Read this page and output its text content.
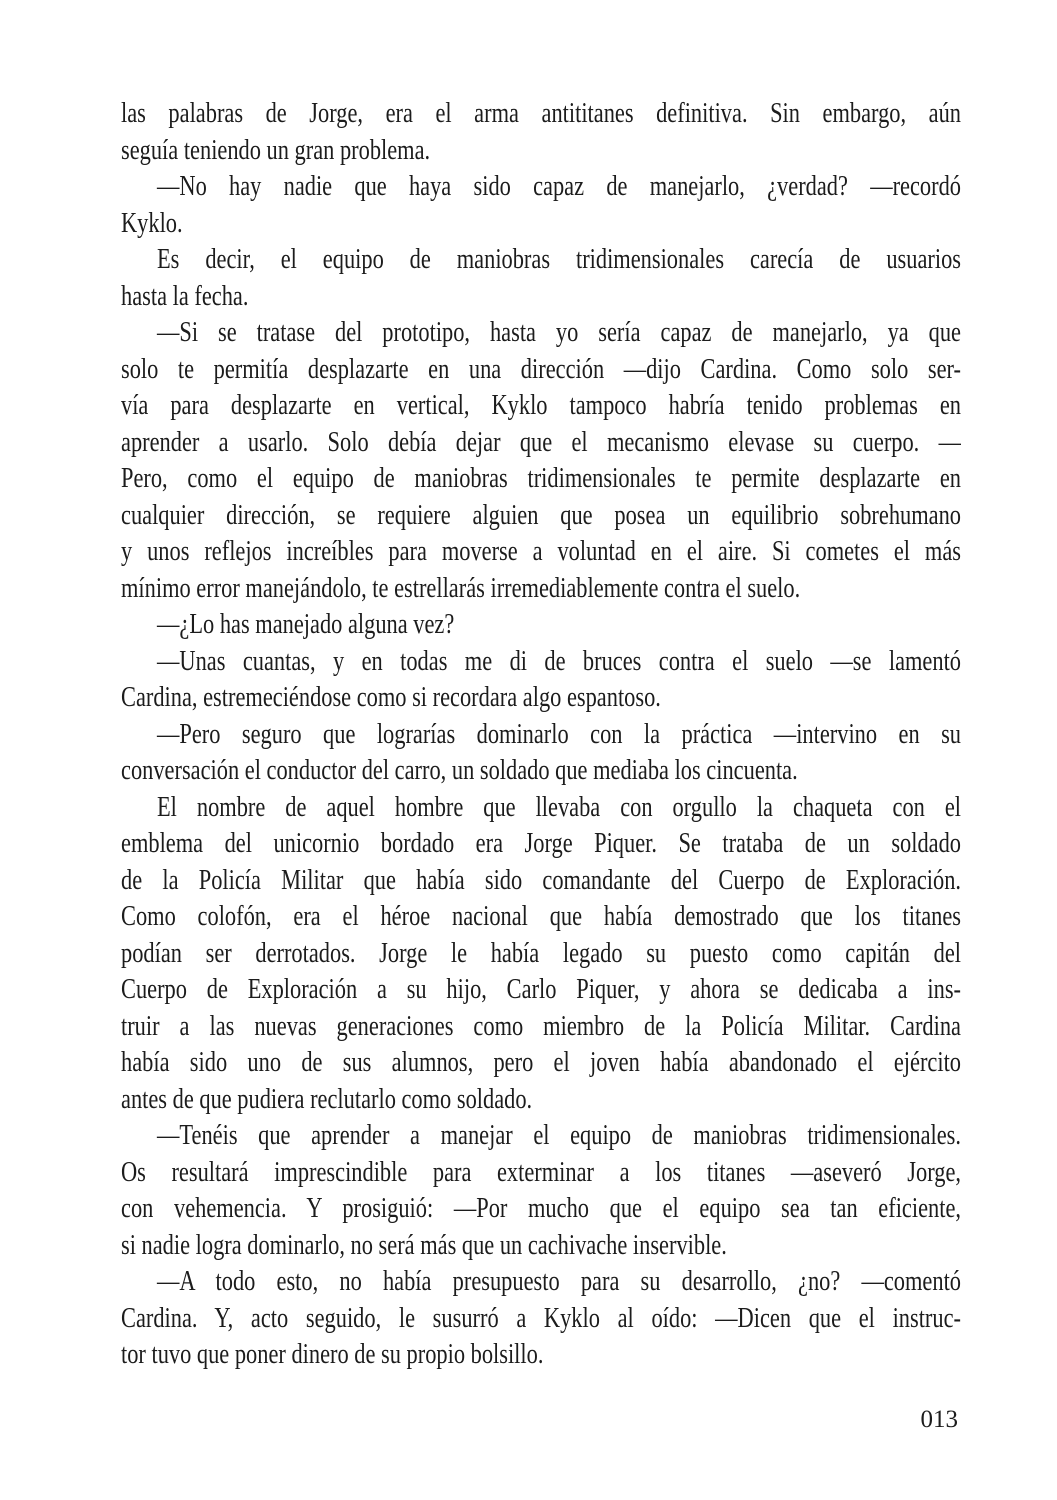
las palabras de Jorge, era el arma antititanes definitiva. Sin embargo, aún
seguía teniendo un gran problema.
—No hay nadie que haya sido capaz de manejarlo, ¿verdad? —recordó
Kyklo.
Es decir, el equipo de maniobras tridimensionales carecía de usuarios
hasta la fecha.
—Si se tratase del prototipo, hasta yo sería capaz de manejarlo, ya que
solo te permitía desplazarte en una dirección —dijo Cardina. Como solo ser-
vía para desplazarte en vertical, Kyklo tampoco habría tenido problemas en
aprender a usarlo. Solo debía dejar que el mecanismo elevase su cuerpo. —
Pero, como el equipo de maniobras tridimensionales te permite desplazarte en
cualquier dirección, se requiere alguien que posea un equilibrio sobrehumano
y unos reflejos increíbles para moverse a voluntad en el aire. Si cometes el más
mínimo error manejándolo, te estrellarás irremediablemente contra el suelo.
—¿Lo has manejado alguna vez?
—Unas cuantas, y en todas me di de bruces contra el suelo —se lamentó
Cardina, estremeciéndose como si recordara algo espantoso.
—Pero seguro que lograrías dominarlo con la práctica —intervino en su
conversación el conductor del carro, un soldado que mediaba los cincuenta.
El nombre de aquel hombre que llevaba con orgullo la chaqueta con el
emblema del unicornio bordado era Jorge Piquer. Se trataba de un soldado
de la Policía Militar que había sido comandante del Cuerpo de Exploración.
Como colofón, era el héroe nacional que había demostrado que los titanes
podían ser derrotados. Jorge le había legado su puesto como capitán del
Cuerpo de Exploración a su hijo, Carlo Piquer, y ahora se dedicaba a ins-
truir a las nuevas generaciones como miembro de la Policía Militar. Cardina
había sido uno de sus alumnos, pero el joven había abandonado el ejército
antes de que pudiera reclutarlo como soldado.
—Tenéis que aprender a manejar el equipo de maniobras tridimensionales.
Os resultará imprescindible para exterminar a los titanes —aseveró Jorge,
con vehemencia. Y prosiguió: —Por mucho que el equipo sea tan eficiente,
si nadie logra dominarlo, no será más que un cachivache inservible.
—A todo esto, no había presupuesto para su desarrollo, ¿no? —comentó
Cardina. Y, acto seguido, le susurró a Kyklo al oído: —Dicen que el instruc-
tor tuvo que poner dinero de su propio bolsillo.
013
